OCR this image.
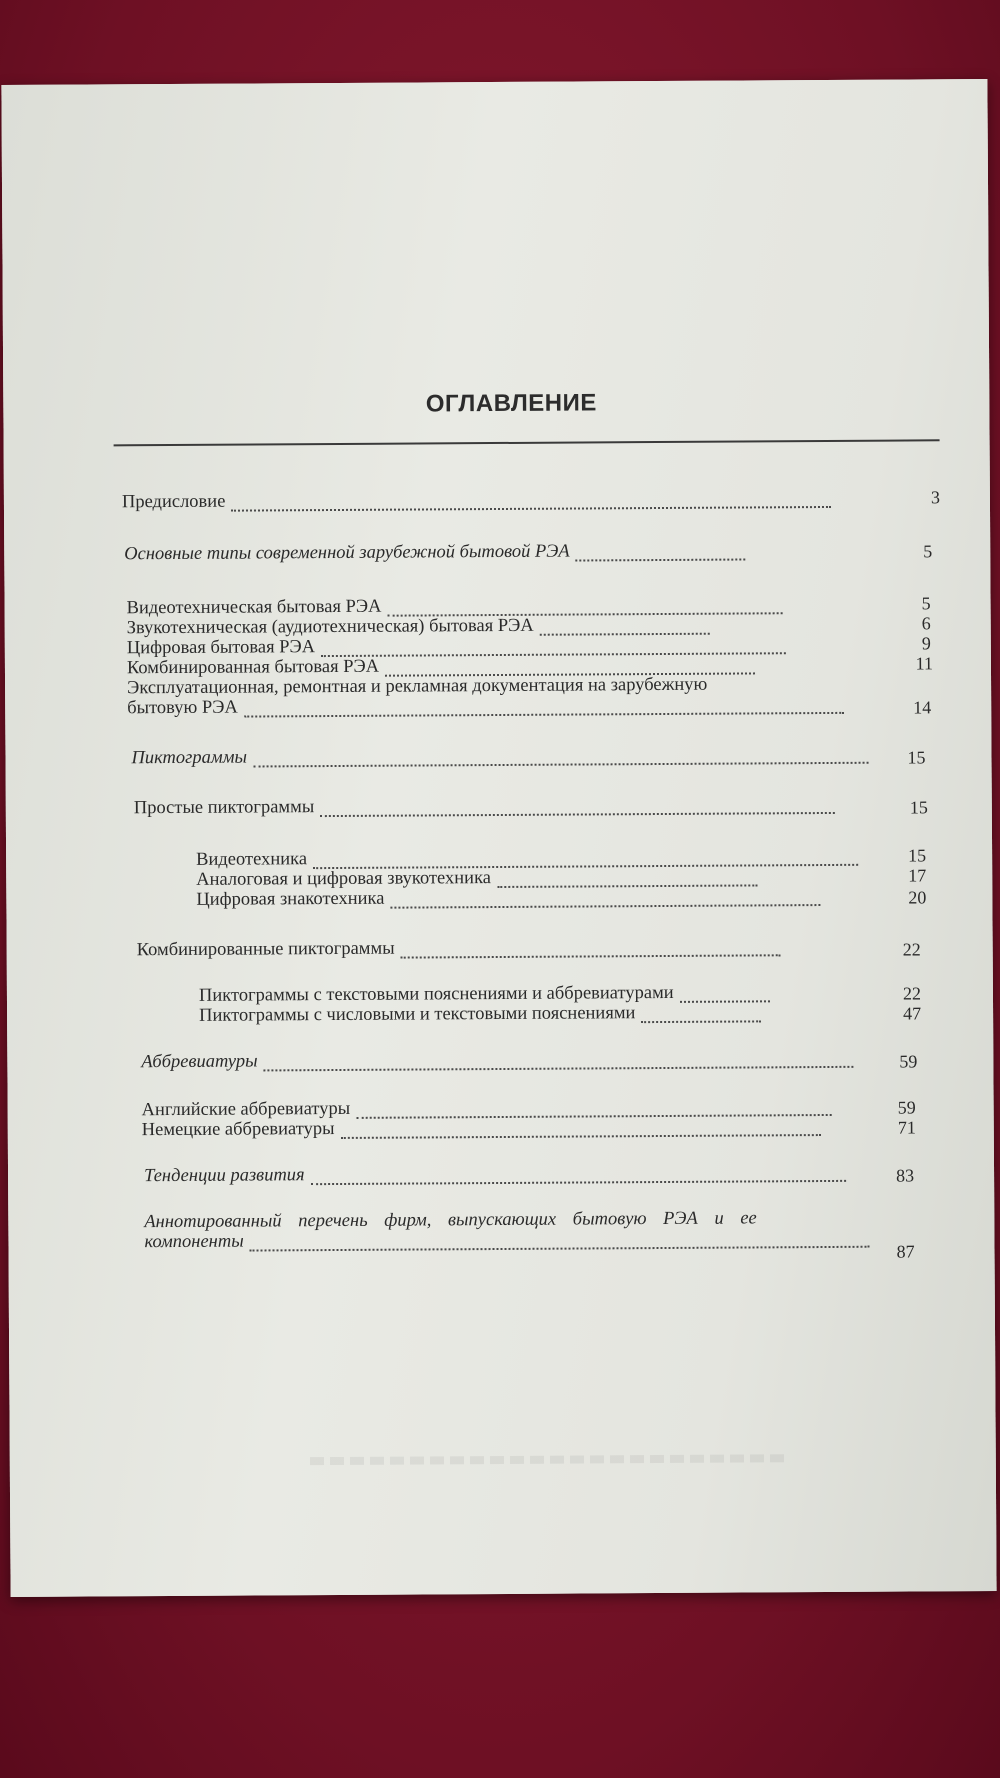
ОГЛАВЛЕНИЕ
Предисловие	3
Основные типы современной зарубежной бытовой РЭА	5
Видеотехническая бытовая РЭА	5
Звукотехническая (аудиотехническая) бытовая РЭА	6
Цифровая бытовая РЭА	9
Комбинированная бытовая РЭА	11
Эксплуатационная, ремонтная и рекламная документация на зарубежную
бытовую РЭА	14
Пиктограммы	15
Простые пиктограммы	15
Видеотехника	15
Аналоговая и цифровая звукотехника	17
Цифровая знакотехника	20
Комбинированные пиктограммы	22
Пиктограммы с текстовыми пояснениями и аббревиатурами	22
Пиктограммы с числовыми и текстовыми пояснениями	47
Аббревиатуры	59
Английские аббревиатуры	59
Немецкие аббревиатуры	71
Тенденции развития	83
Аннотированный перечень фирм, выпускающих бытовую РЭА и ее
компоненты	87
